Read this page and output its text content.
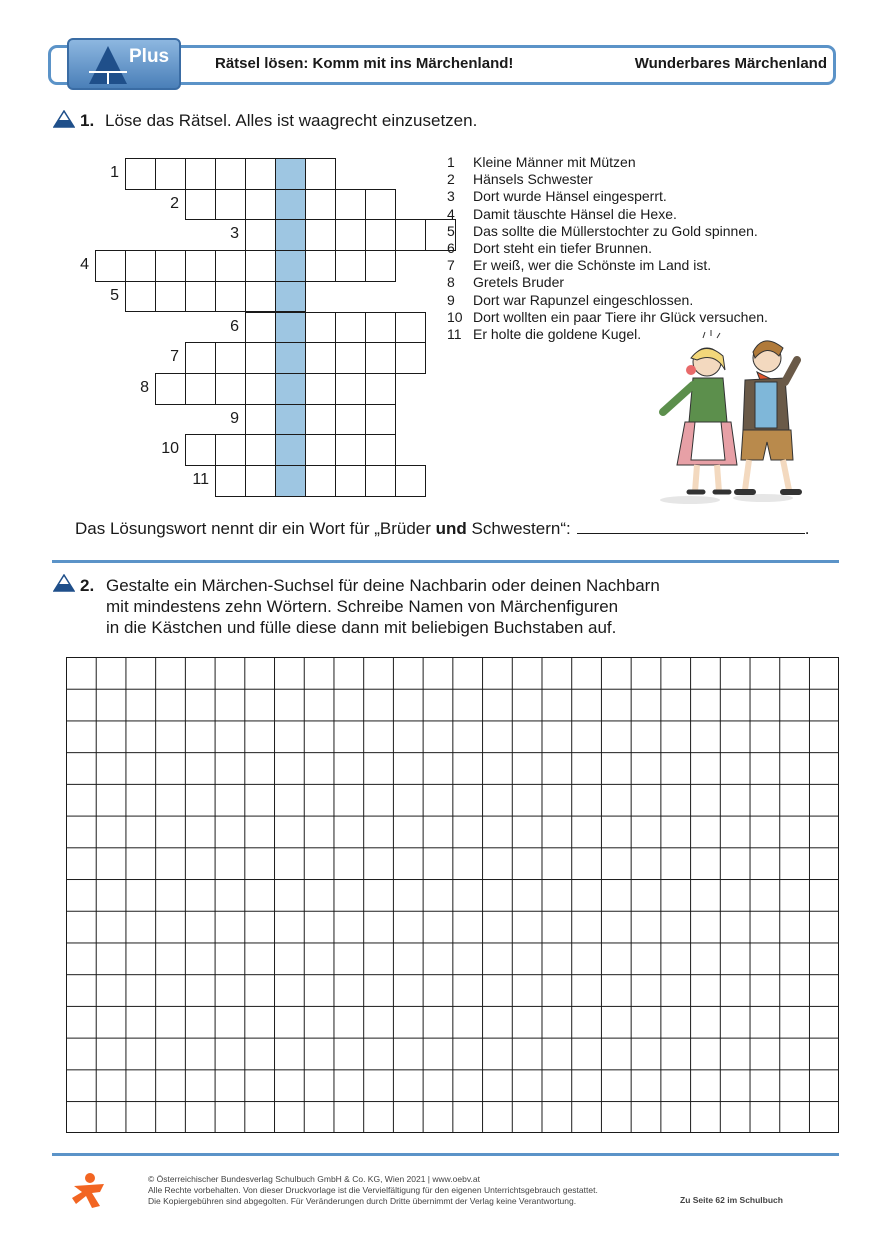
Plus	Rätsel lösen: Komm mit ins Märchenland!	Wunderbares Märchenland
1. Löse das Rätsel. Alles ist waagrecht einzusetzen.
1
2
3
4
5
6
7
8
9
10
11
1	Kleine Männer mit Mützen
2	Hänsels Schwester
3	Dort wurde Hänsel eingesperrt.
4	Damit täuschte Hänsel die Hexe.
5	Das sollte die Müllerstochter zu Gold spinnen.
6	Dort steht ein tiefer Brunnen.
7	Er weiß, wer die Schönste im Land ist.
8	Gretels Bruder
9	Dort war Rapunzel eingeschlossen.
10 Dort wollten ein paar Tiere ihr Glück versuchen.
11 Er holte die goldene Kugel.
Das Lösungswort nennt dir ein Wort für „Brüder und Schwestern“:	.
2. Gestalte ein Märchen-Suchsel für deine Nachbarin oder deinen Nachbarn
mit mindestens zehn Wörtern. Schreibe Namen von Märchenfiguren
in die Kästchen und fülle diese dann mit beliebigen Buchstaben auf.
© Österreichischer Bundesverlag Schulbuch GmbH & Co. KG, Wien 2021 | www.oebv.at
Alle Rechte vorbehalten. Von dieser Druckvorlage ist die Vervielfältigung für den eigenen Unterrichtsgebrauch gestattet.
Die Kopiergebühren sind abgegolten. Für Veränderungen durch Dritte übernimmt der Verlag keine Verantwortung.	Zu Seite 62 im Schulbuch
